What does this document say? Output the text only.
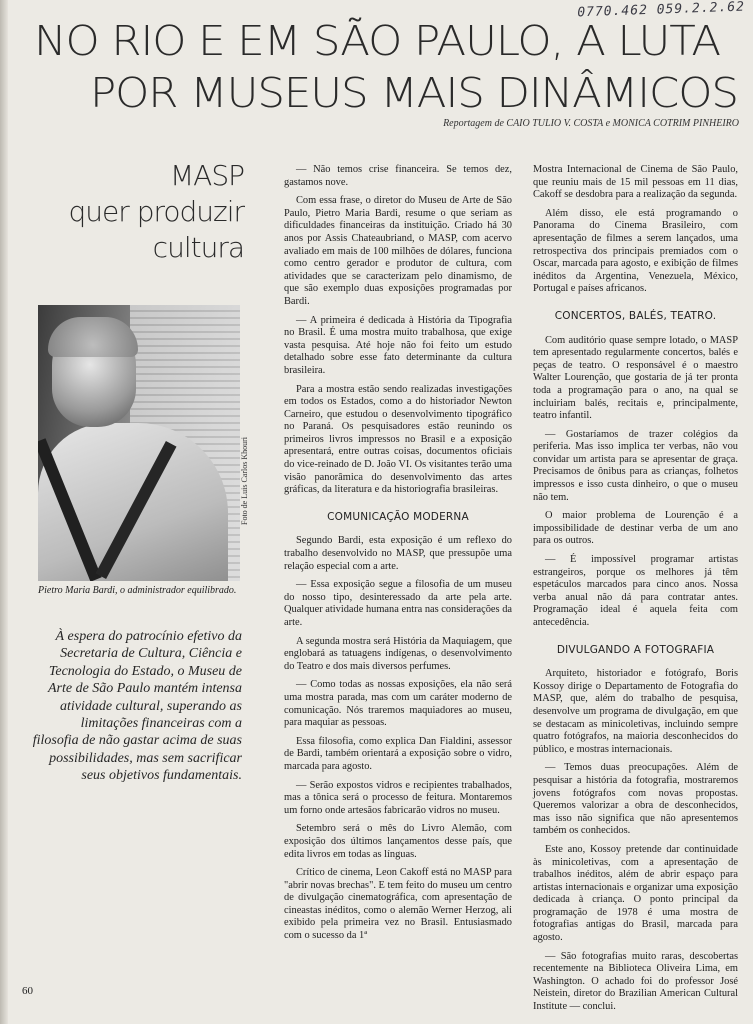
0770.462 059.2.2.62
NO RIO E EM SÃO PAULO, A LUTA
POR MUSEUS MAIS DINÂMICOS
Reportagem de CAIO TULIO V. COSTA e MONICA COTRIM PINHEIRO
MASP
quer produzir
cultura
Foto de Luis Carlos Khouri
Pietro Maria Bardi, o administrador equilibrado.
À espera do patrocínio efetivo da Secretaria de Cultura, Ciência e Tecnologia do Estado, o Museu de Arte de São Paulo mantém intensa atividade cultural, superando as limitações financeiras com a filosofia de não gastar acima de suas possibilidades, mas sem sacrificar seus objetivos fundamentais.

— Não temos crise financeira. Se temos dez, gastamos nove.

Com essa frase, o diretor do Museu de Arte de São Paulo, Pietro Maria Bardi, resume o que seriam as dificuldades financeiras da instituição. Criado há 30 anos por Assis Chateaubriand, o MASP, com acervo avaliado em mais de 100 milhões de dólares, funciona como centro gerador e produtor de cultura, com atividades que se caracterizam pelo dinamismo, de que são exemplo duas exposições programadas por Bardi.

— A primeira é dedicada à História da Tipografia no Brasil. É uma mostra muito trabalhosa, que exige vasta pesquisa. Até hoje não foi feito um estudo detalhado sobre esse fato determinante da cultura brasileira.

Para a mostra estão sendo realizadas investigações em todos os Estados, como a do historiador Newton Carneiro, que estudou o desenvolvimento tipográfico no Paraná. Os pesquisadores estão reunindo os primeiros livros impressos no Brasil e a exposição apresentará, entre outras coisas, documentos oficiais do vice-reinado de D. João VI. Os visitantes terão uma visão panorâmica do desenvolvimento das artes gráficas, da literatura e da historiografia brasileiras.

COMUNICAÇÃO MODERNA

Segundo Bardi, esta exposição é um reflexo do trabalho desenvolvido no MASP, que pressupõe uma relação especial com a arte.

— Essa exposição segue a filosofia de um museu do nosso tipo, desinteressado da arte pela arte. Qualquer atividade humana entra nas considerações da arte.

A segunda mostra será História da Maquiagem, que englobará as tatuagens indígenas, o desenvolvimento do Teatro e dos mais diversos perfumes.

— Como todas as nossas exposições, ela não será uma mostra parada, mas com um caráter moderno de comunicação. Nós traremos maquiadores ao museu, para maquiar as pessoas.

Essa filosofia, como explica Dan Fialdini, assessor de Bardi, também orientará a exposição sobre o vidro, marcada para agosto.

— Serão expostos vidros e recipientes trabalhados, mas a tônica será o processo de feitura. Montaremos um forno onde artesãos fabricarão vidros no museu.

Setembro será o mês do Livro Alemão, com exposição dos últimos lançamentos desse país, que edita livros em todas as línguas.

Crítico de cinema, Leon Cakoff está no MASP para "abrir novas brechas". E tem feito do museu um centro de divulgação cinematográfica, com apresentação de cineastas inéditos, como o alemão Werner Herzog, ali exibido pela primeira vez no Brasil. Entusiasmado com o sucesso da 1ª

Mostra Internacional de Cinema de São Paulo, que reuniu mais de 15 mil pessoas em 11 dias, Cakoff se desdobra para a realização da segunda.

Além disso, ele está programando o Panorama do Cinema Brasileiro, com apresentação de filmes a serem lançados, uma retrospectiva dos principais premiados com o Oscar, marcada para agosto, e exibição de filmes inéditos da Argentina, Venezuela, México, Portugal e países africanos.

CONCERTOS, BALÉS, TEATRO.

Com auditório quase sempre lotado, o MASP tem apresentado regularmente concertos, balés e peças de teatro. O responsável é o maestro Walter Lourenção, que gostaria de já ter pronta toda a programação para o ano, na qual se incluiriam balés, recitais e, principalmente, teatro infantil.

— Gostaríamos de trazer colégios da periferia. Mas isso implica ter verbas, não vou convidar um artista para se apresentar de graça. Precisamos de ônibus para as crianças, folhetos impressos e isso custa dinheiro, o que o museu não tem.

O maior problema de Lourenção é a impossibilidade de destinar verba de um ano para os outros.

— É impossível programar artistas estrangeiros, porque os melhores já têm espetáculos marcados para cinco anos. Nossa verba anual não dá para contratar antes. Programação ideal é aquela feita com antecedência.

DIVULGANDO A FOTOGRAFIA

Arquiteto, historiador e fotógrafo, Boris Kossoy dirige o Departamento de Fotografia do MASP, que, além do trabalho de pesquisa, desenvolve um programa de divulgação, em que se destacam as minicoletivas, incluindo sempre quatro fotógrafos, na maioria desconhecidos do público, e mostras internacionais.

— Temos duas preocupações. Além de pesquisar a história da fotografia, mostraremos jovens fotógrafos com novas propostas. Queremos valorizar a obra de desconhecidos, mas isso não significa que não apresentemos também os conhecidos.

Este ano, Kossoy pretende dar continuidade às minicoletivas, com a apresentação de trabalhos inéditos, além de abrir espaço para artistas internacionais e organizar uma exposição dedicada à criança. O ponto principal da programação de 1978 é uma mostra de fotografias antigas do Brasil, marcada para agosto.

— São fotografias muito raras, descobertas recentemente na Biblioteca Oliveira Lima, em Washington. O achado foi do professor José Neistein, diretor do Brazilian American Cultural Institute — conclui.

60
